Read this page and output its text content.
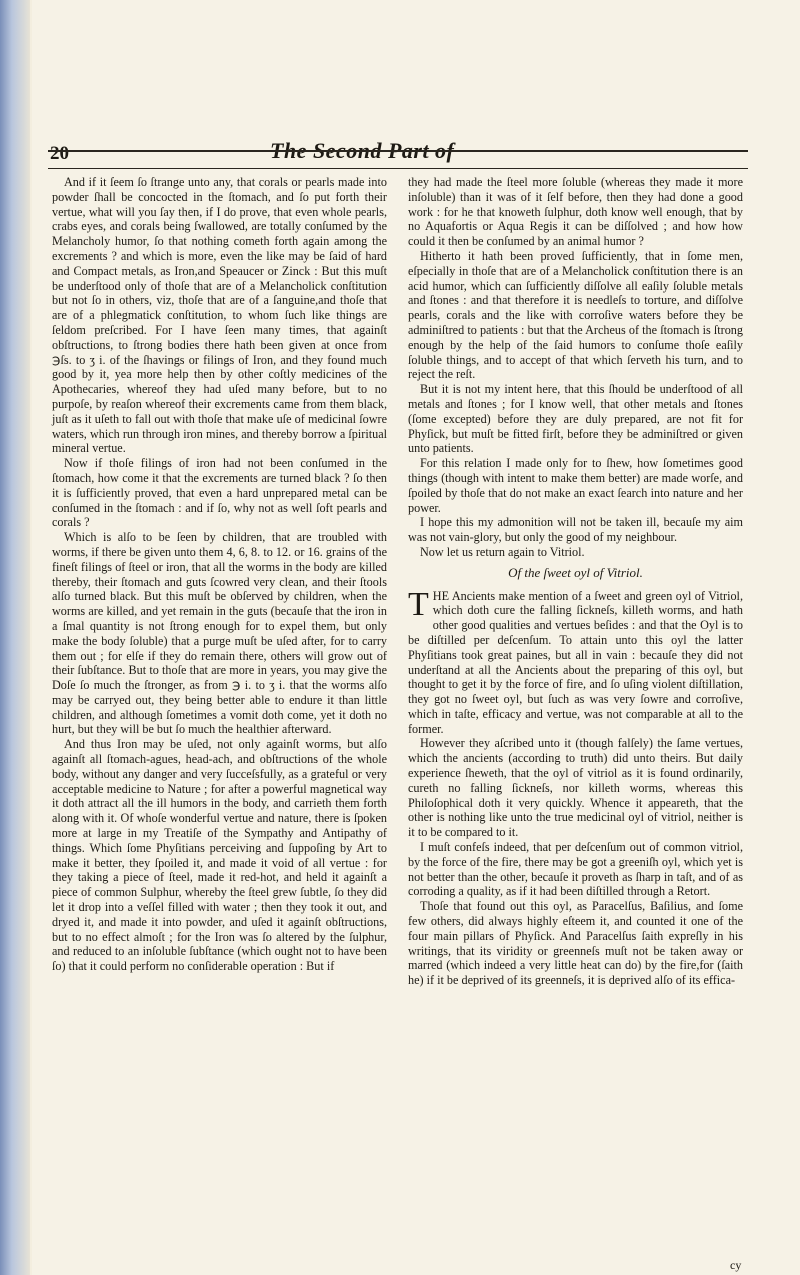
20	The Second Part of

And if it ſeem ſo ſtrange unto any, that corals or pearls made into powder ſhall be concocted in the ſtomach, and ſo put forth their vertue, what will you ſay then, if I do prove, that even whole pearls, crabs eyes, and corals being ſwallowed, are totally conſumed by the Melancholy humor, ſo that nothing cometh forth again among the excrements ? and which is more, even the like may be ſaid of hard and Compact metals, as Iron,and Speaucer or Zinck : But this muſt be underſtood only of thoſe that are of a Melancholick conſtitution but not ſo in others, viz, thoſe that are of a ſanguine,and thoſe that are of a phlegmatick conſtitution, to whom ſuch like things are ſeldom preſcribed. For I have ſeen many times, that againſt obſtructions, to ſtrong bodies there hath been given at once from ℈ſs. to ʒ i. of the ſhavings or filings of Iron, and they found much good by it, yea more help then by other coſtly medicines of the Apothecaries, whereof they had uſed many before, but to no purpoſe, by reaſon whereof their excrements came from them black, juſt as it uſeth to fall out with thoſe that make uſe of medicinal ſowre waters, which run through iron mines, and thereby borrow a ſpiritual mineral vertue.

Now if thoſe filings of iron had not been conſumed in the ſtomach, how come it that the excrements are turned black ? ſo then it is ſufficiently proved, that even a hard unprepared metal can be conſumed in the ſtomach : and if ſo, why not as well ſoft pearls and corals ?

Which is alſo to be ſeen by children, that are troubled with worms, if there be given unto them 4, 6, 8. to 12. or 16. grains of the fineſt filings of ſteel or iron, that all the worms in the body are killed thereby, their ſtomach and guts ſcowred very clean, and their ſtools alſo turned black. But this muſt be obſerved by children, when the worms are killed, and yet remain in the guts (becauſe that the iron in a ſmal quantity is not ſtrong enough for to expel them, but only make the body ſoluble) that a purge muſt be uſed after, for to carry them out ; for elſe if they do remain there, others will grow out of their ſubſtance. But to thoſe that are more in years, you may give the Doſe ſo much the ſtronger, as from ℈ i. to ʒ i. that the worms alſo may be carryed out, they being better able to endure it than little children, and although ſometimes a vomit doth come, yet it doth no hurt, but they will be but ſo much the healthier afterward.

And thus Iron may be uſed, not only againſt worms, but alſo againſt all ſtomach-agues, head-ach, and obſtructions of the whole body, without any danger and very ſucceſsfully, as a grateful or very acceptable medicine to Nature ; for after a powerful magnetical way it doth attract all the ill humors in the body, and carrieth them forth along with it. Of whoſe wonderful vertue and nature, there is ſpoken more at large in my Treatiſe of the Sympathy and Antipathy of things. Which ſome Phyſitians perceiving and ſuppoſing by Art to make it better, they ſpoiled it, and made it void of all vertue : for they taking a piece of ſteel, made it red-hot, and held it againſt a piece of common Sulphur, whereby the ſteel grew ſubtle, ſo they did let it drop into a veſſel filled with water ; then they took it out, and dryed it, and made it into powder, and uſed it againſt obſtructions, but to no effect almoſt ; for the Iron was ſo altered by the ſulphur, and reduced to an inſoluble ſubſtance (which ought not to have been ſo) that it could perform no conſiderable operation : But if

they had made the ſteel more ſoluble (whereas they made it more inſoluble) than it was of it ſelf before, then they had done a good work : for he that knoweth ſulphur, doth know well enough, that by no Aquafortis or Aqua Regis it can be diſſolved ; and how how could it then be conſumed by an animal humor ?

Hitherto it hath been proved ſufficiently, that in ſome men, eſpecially in thoſe that are of a Melancholick conſtitution there is an acid humor, which can ſufficiently diſſolve all eaſily ſoluble metals and ſtones : and that therefore it is needleſs to torture, and diſſolve pearls, corals and the like with corroſive waters before they be adminiſtred to patients : but that the Archeus of the ſtomach is ſtrong enough by the help of the ſaid humors to conſume thoſe eaſily ſoluble things, and to accept of that which ſerveth his turn, and to reject the reſt.

But it is not my intent here, that this ſhould be underſtood of all metals and ſtones ; for I know well, that other metals and ſtones (ſome excepted) before they are duly prepared, are not fit for Phyſick, but muſt be fitted firſt, before they be adminiſtred or given unto patients.

For this relation I made only for to ſhew, how ſometimes good things (though with intent to make them better) are made worſe, and ſpoiled by thoſe that do not make an exact ſearch into nature and her power.

I hope this my admonition will not be taken ill, becauſe my aim was not vain-glory, but only the good of my neighbour.

Now let us return again to Vitriol.

Of the ſweet oyl of Vitriol.

THE Ancients make mention of a ſweet and green oyl of Vitriol, which doth cure the falling ſickneſs, killeth worms, and hath other good qualities and vertues beſides : and that the Oyl is to be diſtilled per deſcenſum. To attain unto this oyl the latter Phyſitians took great paines, but all in vain : becauſe they did not underſtand at all the Ancients about the preparing of this oyl, but thought to get it by the force of fire, and ſo uſing violent diſtillation, they got no ſweet oyl, but ſuch as was very ſowre and corroſive, which in taſte, efficacy and vertue, was not comparable at all to the former.

However they aſcribed unto it (though falſely) the ſame vertues, which the ancients (according to truth) did unto theirs. But daily experience ſheweth, that the oyl of vitriol as it is found ordinarily, cureth no falling ſickneſs, nor killeth worms, whereas this Philoſophical doth it very quickly. Whence it appeareth, that the other is nothing like unto the true medicinal oyl of vitriol, neither is it to be compared to it.

I muſt confeſs indeed, that per deſcenſum out of common vitriol, by the force of the fire, there may be got a greeniſh oyl, which yet is not better than the other, becauſe it proveth as ſharp in taſt, and of as corroding a quality, as if it had been diſtilled through a Retort.

Thoſe that found out this oyl, as Paracelſus, Baſilius, and ſome few others, did always highly eſteem it, and counted it one of the four main pillars of Phyſick. And Paracelſus ſaith expreſly in his writings, that its viridity or greenneſs muſt not be taken away or marred (which indeed a very little heat can do) by the fire,for (ſaith he) if it be deprived of its greenneſs, it is deprived alſo of its effica-

cy
